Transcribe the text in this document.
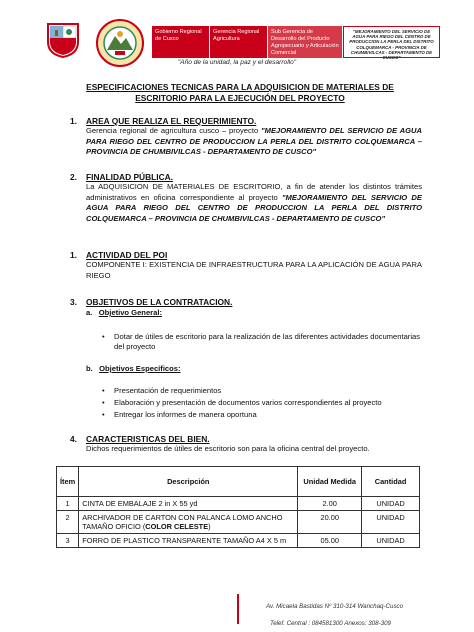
Gobierno Regional de Cusco
Gerencia Regional Agricultura
Sub Gerencia de Desarrollo del Producto Agropecuario y Articulación Comercial
"MEJORAMIENTO DEL SERVICIO DE AGUA PARA RIEGO DEL CENTRO DE PRODUCCION LA PERLA DEL DISTRITO COLQUEMARCA - PROVINCIA DE CHUMBIVILCAS - DEPARTAMENTO DE CUSCO"
"Año de la unidad, la paz y el desarrollo"
ESPECIFICACIONES TECNICAS PARA LA ADQUISICION DE MATERIALES DE ESCRITORIO PARA LA EJECUCIÓN DEL PROYECTO
1. AREA QUE REALIZA EL REQUERIMIENTO.
Gerencia regional de agricultura cusco – proyecto "MEJORAMIENTO DEL SERVICIO DE AGUA PARA RIEGO DEL CENTRO DE PRODUCCION LA PERLA DEL DISTRITO COLQUEMARCA – PROVINCIA DE CHUMBIVILCAS - DEPARTAMENTO DE CUSCO"
2. FINALIDAD PÚBLICA.
La ADQUISICION DE MATERIALES DE ESCRITORIO, a fin de atender los distintos trámites administrativos en oficina correspondiente al proyecto "MEJORAMIENTO DEL SERVICIO DE AGUA PARA RIEGO DEL CENTRO DE PRODUCCION LA PERLA DEL DISTRITO COLQUEMARCA – PROVINCIA DE CHUMBIVILCAS - DEPARTAMENTO DE CUSCO"
1. ACTIVIDAD DEL POI
COMPONENTE I: EXISTENCIA DE INFRAESTRUCTURA PARA LA APLICACIÓN DE AGUA PARA RIEGO
3. OBJETIVOS DE LA CONTRATACION.
a. Objetivo General:
• Dotar de útiles de escritorio para la realización de las diferentes actividades documentarias del proyecto
b. Objetivos Específicos:
• Presentación de requerimientos
• Elaboración y presentación de documentos varios correspondientes al proyecto
• Entregar los informes de manera oportuna
4. CARACTERISTICAS DEL BIEN.
Dichos requerimientos de útiles de escritorio son para la oficina central del proyecto.
Ítem	Descripción	Unidad Medida	Cantidad
1	CINTA DE EMBALAJE 2 in X 55 yd	2.00	UNIDAD
2	ARCHIVADOR DE CARTON CON PALANCA LOMO ANCHO TAMAÑO OFICIO (COLOR CELESTE)	20.00	UNIDAD
3	FORRO DE PLASTICO TRANSPARENTE TAMAÑO A4 X 5 m	05.00	UNIDAD
Av. Micaela Bastidas Nº 310-314 Wanchaq-Cusco
Telef. Central : 084581300 Anexos: 308-309
